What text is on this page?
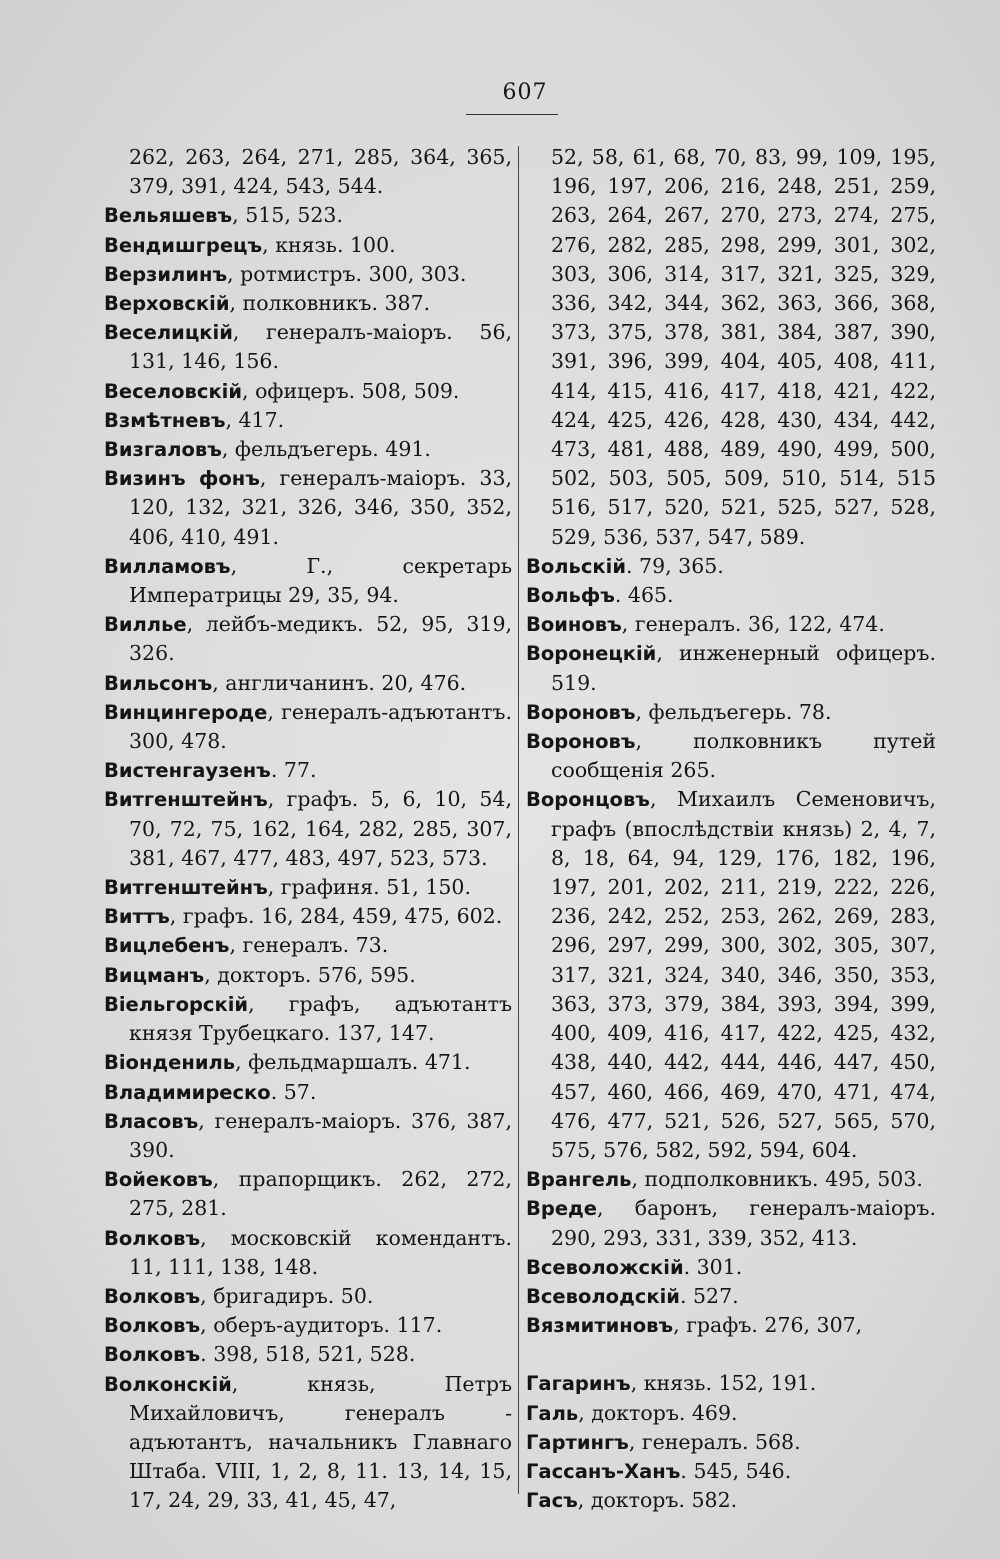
607
262, 263, 264, 271, 285, 364, 365, 379, 391, 424, 543, 544.
Вельяшевъ, 515, 523.
Вендишгрецъ, князь. 100.
Верзилинъ, ротмистръ. 300, 303.
Верховскій, полковникъ. 387.
Веселицкій, генералъ-маіоръ. 56, 131, 146, 156.
Веселовскій, офицеръ. 508, 509.
Взмѣтневъ, 417.
Визгаловъ, фельдъегерь. 491.
Визинъ фонъ, генералъ-маіоръ. 33, 120, 132, 321, 326, 346, 350, 352, 406, 410, 491.
Вилламовъ, Г., секретарь Императрицы 29, 35, 94.
Виллье, лейбъ-медикъ. 52, 95, 319, 326.
Вильсонъ, англичанинъ. 20, 476.
Винцингероде, генералъ-адъютантъ. 300, 478.
Вистенгаузенъ. 77.
Витгенштейнъ, графъ. 5, 6, 10, 54, 70, 72, 75, 162, 164, 282, 285, 307, 381, 467, 477, 483, 497, 523, 573.
Витгенштейнъ, графиня. 51, 150.
Виттъ, графъ. 16, 284, 459, 475, 602.
Вицлебенъ, генералъ. 73.
Вицманъ, докторъ. 576, 595.
Віельгорскій, графъ, адъютантъ князя Трубецкаго. 137, 147.
Віондениль, фельдмаршалъ. 471.
Владимиреско. 57.
Власовъ, генералъ-маіоръ. 376, 387, 390.
Войековъ, прапорщикъ. 262, 272, 275, 281.
Волковъ, московскій комендантъ. 11, 111, 138, 148.
Волковъ, бригадиръ. 50.
Волковъ, оберъ-аудиторъ. 117.
Волковъ. 398, 518, 521, 528.
Волконскій, князь, Петръ Михайловичъ, генералъ - адъютантъ, начальникъ Главнаго Штаба. VIII, 1, 2, 8, 11. 13, 14, 15, 17, 24, 29, 33, 41, 45, 47,
52, 58, 61, 68, 70, 83, 99, 109, 195, 196, 197, 206, 216, 248, 251, 259, 263, 264, 267, 270, 273, 274, 275, 276, 282, 285, 298, 299, 301, 302, 303, 306, 314, 317, 321, 325, 329, 336, 342, 344, 362, 363, 366, 368, 373, 375, 378, 381, 384, 387, 390, 391, 396, 399, 404, 405, 408, 411, 414, 415, 416, 417, 418, 421, 422, 424, 425, 426, 428, 430, 434, 442, 473, 481, 488, 489, 490, 499, 500, 502, 503, 505, 509, 510, 514, 515 516, 517, 520, 521, 525, 527, 528, 529, 536, 537, 547, 589.
Вольскій. 79, 365.
Вольфъ. 465.
Воиновъ, генералъ. 36, 122, 474.
Воронецкій, инженерный офицеръ. 519.
Вороновъ, фельдъегерь. 78.
Вороновъ, полковникъ путей сообщенія 265.
Воронцовъ, Михаилъ Семеновичъ, графъ (впослѣдствіи князь) 2, 4, 7, 8, 18, 64, 94, 129, 176, 182, 196, 197, 201, 202, 211, 219, 222, 226, 236, 242, 252, 253, 262, 269, 283, 296, 297, 299, 300, 302, 305, 307, 317, 321, 324, 340, 346, 350, 353, 363, 373, 379, 384, 393, 394, 399, 400, 409, 416, 417, 422, 425, 432, 438, 440, 442, 444, 446, 447, 450, 457, 460, 466, 469, 470, 471, 474, 476, 477, 521, 526, 527, 565, 570, 575, 576, 582, 592, 594, 604.
Врангель, подполковникъ. 495, 503.
Вреде, баронъ, генералъ-маіоръ. 290, 293, 331, 339, 352, 413.
Всеволожскій. 301.
Всеволодскій. 527.
Вязмитиновъ, графъ. 276, 307,
Гагаринъ, князь. 152, 191.
Галь, докторъ. 469.
Гартингъ, генералъ. 568.
Гассанъ-Ханъ. 545, 546.
Гасъ, докторъ. 582.
